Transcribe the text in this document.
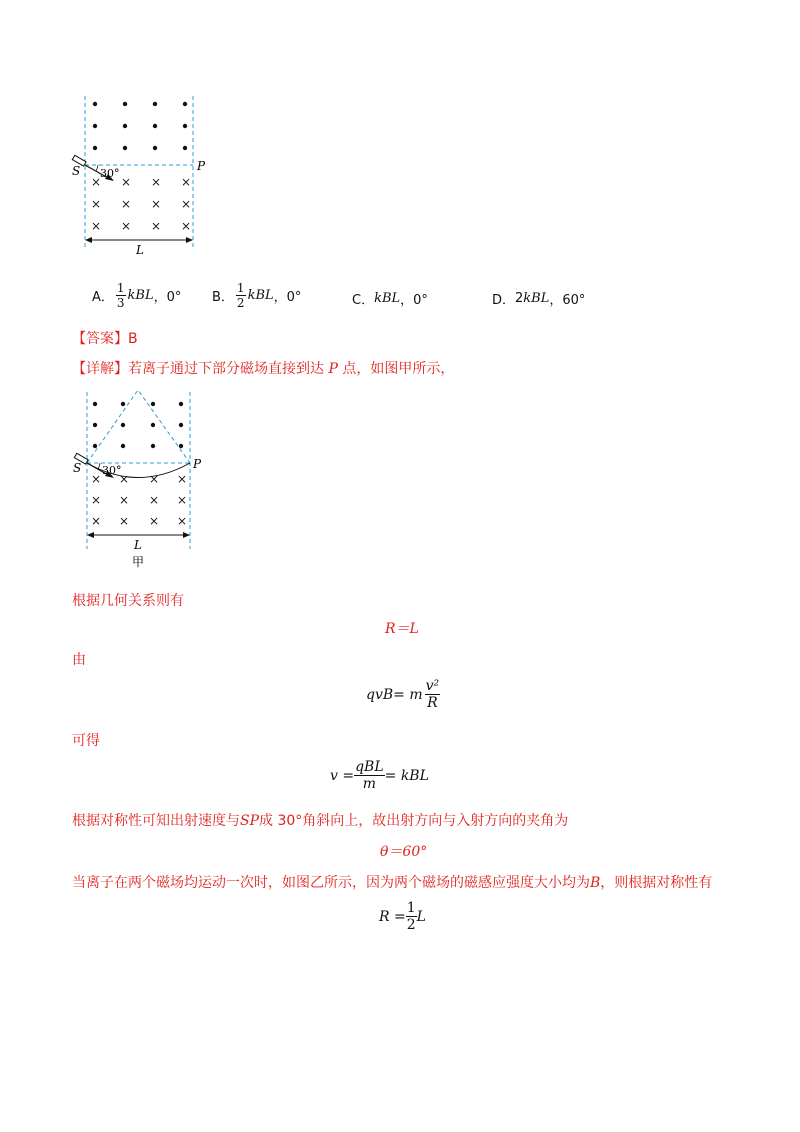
× × × ×
× × × ×
× × × ×
30°
S	P
L
A． $\frac{1}{3}$ kBL ，0° B． $\frac{1}{2}$ kBL ，0°	C． kBL ，0°	D． 2 kBL ，60°
【答案】B
【详解】若离子通过下部分磁场直接到达 P 点，如图甲所示，
× × × ×
× × × ×
× × × ×
30°
S	P
L
甲
根据几何关系则有
R＝L
由
qvB = m $\frac{\text{v²}}{R}$
可得
$v = \frac{\text{qBL}}{m}$ = kBL
根据对称性可知出射速度与SP成 30°角斜向上，故出射方向与入射方向的夹角为
θ＝60°
当离子在两个磁场均运动一次时，如图乙所示，因为两个磁场的磁感应强度大小均为B，则根据对称性有
$R = \frac{1}{2}$ L
